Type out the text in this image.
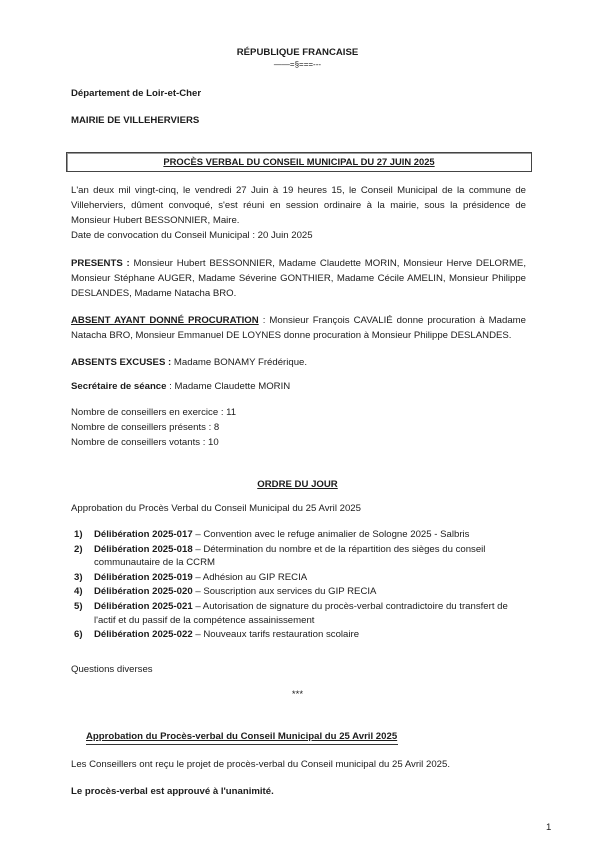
RÉPUBLIQUE FRANCAISE
——=§===---
Département de Loir-et-Cher
MAIRIE DE VILLEHERVIERS
PROCÈS VERBAL DU CONSEIL MUNICIPAL DU 27 JUIN 2025
L'an deux mil vingt-cinq, le vendredi 27 Juin à 19 heures 15, le Conseil Municipal de la commune de Villeherviers, dûment convoqué, s'est réuni en session ordinaire à la mairie, sous la présidence de Monsieur Hubert BESSONNIER, Maire.
Date de convocation du Conseil Municipal : 20 Juin 2025
PRESENTS : Monsieur Hubert BESSONNIER, Madame Claudette MORIN, Monsieur Herve DELORME, Monsieur Stéphane AUGER, Madame Séverine GONTHIER, Madame Cécile AMELIN, Monsieur Philippe DESLANDES, Madame Natacha BRO.
ABSENT AYANT DONNÉ PROCURATION : Monsieur François CAVALIÉ donne procuration à Madame Natacha BRO, Monsieur Emmanuel DE LOYNES donne procuration à Monsieur Philippe DESLANDES.
ABSENTS EXCUSES : Madame BONAMY Frédérique.
Secrétaire de séance : Madame Claudette MORIN
Nombre de conseillers en exercice : 11
Nombre de conseillers présents : 8
Nombre de conseillers votants : 10
ORDRE DU JOUR
Approbation du Procès Verbal du Conseil Municipal du 25 Avril 2025
1) Délibération 2025-017 – Convention avec le refuge animalier de Sologne 2025 - Salbris
2) Délibération 2025-018 – Détermination du nombre et de la répartition des sièges du conseil communautaire de la CCRM
3) Délibération 2025-019 – Adhésion au GIP RECIA
4) Délibération 2025-020 – Souscription aux services du GIP RECIA
5) Délibération 2025-021 – Autorisation de signature du procès-verbal contradictoire du transfert de l'actif et du passif de la compétence assainissement
6) Délibération 2025-022 – Nouveaux tarifs restauration scolaire
Questions diverses
***
Approbation du Procès-verbal du Conseil Municipal du 25 Avril 2025
Les Conseillers ont reçu le projet de procès-verbal du Conseil municipal du 25 Avril 2025.
Le procès-verbal est approuvé à l'unanimité.
1
